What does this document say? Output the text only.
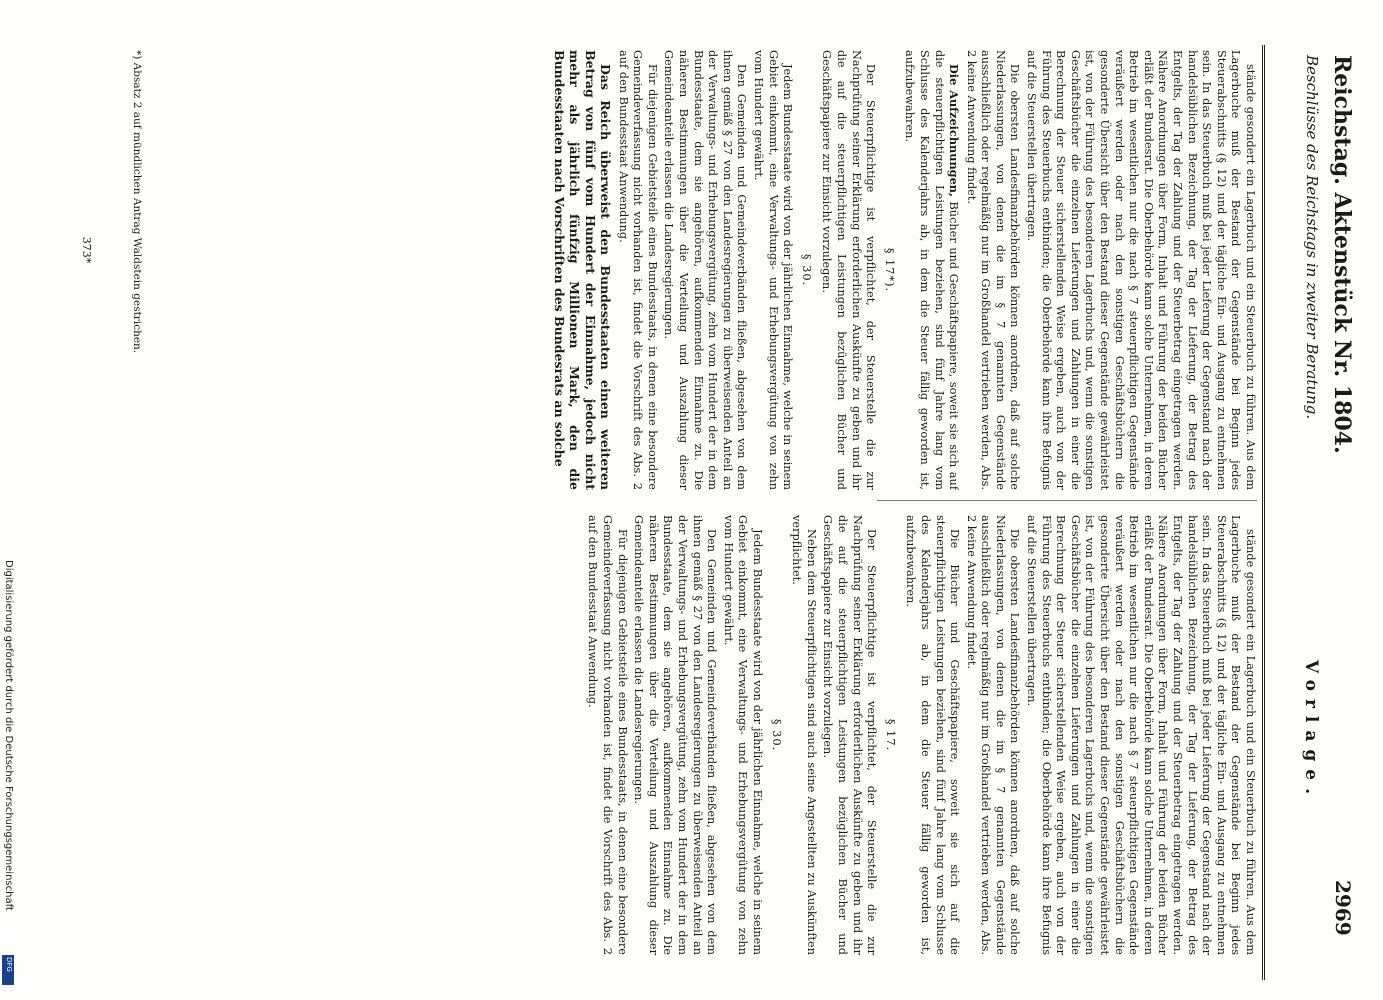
Digitalisierung gefördert durch die Deutsche Forschungsgemeinschaft
DFG
Reichstag. Aktenstück Nr. 1804.
2969
Beschlüsse des Reichstags in zweiter Beratung.
Vorlage.

stände gesondert ein Lagerbuch und ein Steuerbuch zu führen. Aus dem Lagerbuche muß der Bestand der Gegenstände bei Beginn jedes Steuerabschnitts (§ 12) und der tägliche Ein- und Ausgang zu entnehmen sein. In das Steuerbuch muß bei jeder Lieferung der Gegenstand nach der handelsüblichen Bezeichnung, der Tag der Lieferung, der Betrag des Entgelts, der Tag der Zahlung und der Steuerbetrag eingetragen werden. Nähere Anordnungen über Form, Inhalt und Führung der beiden Bücher erläßt der Bundesrat. Die Oberbehörde kann solche Unternehmen, in deren Betrieb im wesentlichen nur die nach § 7 steuerpflichtigen Gegenstände veräußert werden oder nach den sonstigen Geschäftsbüchern die gesonderte Übersicht über den Bestand dieser Gegenstände gewährleistet ist, von der Führung des besonderen Lagerbuchs und, wenn die sonstigen Geschäftsbücher die einzelnen Lieferungen und Zahlungen in einer die Berechnung der Steuer sicherstellenden Weise ergeben, auch von der Führung des Steuerbuchs entbinden; die Oberbehörde kann ihre Befugnis auf die Steuerstellen übertragen.

Die obersten Landesfinanzbehörden können anordnen, daß auf solche Niederlassungen, von denen die im § 7 genannten Gegenstände ausschließlich oder regelmäßig nur im Großhandel vertrieben werden, Abs. 2 keine Anwendung findet.

Die Aufzeichnungen, Bücher und Geschäftspapiere, soweit sie sich auf die steuerpflichtigen Leistungen beziehen, sind fünf Jahre lang vom Schlusse des Kalenderjahrs ab, in dem die Steuer fällig geworden ist, aufzubewahren.

§ 17*).

Der Steuerpflichtige ist verpflichtet, der Steuerstelle die zur Nachprüfung seiner Erklärung erforderlichen Auskünfte zu geben und ihr die auf die steuerpflichtigen Leistungen bezüglichen Bücher und Geschäftspapiere zur Einsicht vorzulegen.

§ 30.

Jedem Bundesstaate wird von der jährlichen Einnahme, welche in seinem Gebiet einkommt, eine Verwaltungs- und Erhebungsvergütung von zehn vom Hundert gewährt.

Den Gemeinden und Gemeindeverbänden fließen, abgesehen von dem ihnen gemäß § 27 von den Landesregierungen zu überweisenden Anteil an der Verwaltungs- und Erhebungsvergütung, zehn vom Hundert der in dem Bundesstaate, dem sie angehören, aufkommenden Einnahme zu. Die näheren Bestimmungen über die Verteilung und Auszahlung dieser Gemeindeanteile erlassen die Landesregierungen.

Für diejenigen Gebietsteile eines Bundesstaats, in denen eine besondere Gemeindeverfassung nicht vorhanden ist, findet die Vorschrift des Abs. 2 auf den Bundesstaat Anwendung.

Das Reich überweist den Bundesstaaten einen weiteren Betrag von fünf vom Hundert der Einnahme, jedoch nicht mehr als jährlich fünfzig Millionen Mark, den die Bundesstaaten nach Vorschriften des Bundesrats an solche

stände gesondert ein Lagerbuch und ein Steuerbuch zu führen. Aus dem Lagerbuche muß der Bestand der Gegenstände bei Beginn jedes Steuerabschnitts (§ 12) und der tägliche Ein- und Ausgang zu entnehmen sein. In das Steuerbuch muß bei jeder Lieferung der Gegenstand nach der handelsüblichen Bezeichnung, der Tag der Lieferung, der Betrag des Entgelts, der Tag der Zahlung und der Steuerbetrag eingetragen werden. Nähere Anordnungen über Form, Inhalt und Führung der beiden Bücher erläßt der Bundesrat. Die Oberbehörde kann solche Unternehmen, in deren Betrieb im wesentlichen nur die nach § 7 steuerpflichtigen Gegenstände veräußert werden oder nach den sonstigen Geschäftsbüchern die gesonderte Übersicht über den Bestand dieser Gegenstände gewährleistet ist, von der Führung des besonderen Lagerbuchs und, wenn die sonstigen Geschäftsbücher die einzelnen Lieferungen und Zahlungen in einer die Berechnung der Steuer sicherstellenden Weise ergeben, auch von der Führung des Steuerbuchs entbinden; die Oberbehörde kann ihre Befugnis auf die Steuerstellen übertragen.

Die obersten Landesfinanzbehörden können anordnen, daß auf solche Niederlassungen, von denen die im § 7 genannten Gegenstände ausschließlich oder regelmäßig nur im Großhandel vertrieben werden, Abs. 2 keine Anwendung findet.

Die Bücher und Geschäftspapiere, soweit sie sich auf die steuerpflichtigen Leistungen beziehen, sind fünf Jahre lang vom Schlusse des Kalenderjahrs ab, in dem die Steuer fällig geworden ist, aufzubewahren.

§ 17.

Der Steuerpflichtige ist verpflichtet, der Steuerstelle die zur Nachprüfung seiner Erklärung erforderlichen Auskünfte zu geben und ihr die auf die steuerpflichtigen Leistungen bezüglichen Bücher und Geschäftspapiere zur Einsicht vorzulegen.

Neben dem Steuerpflichtigen sind auch seine Angestellten zu Auskünften verpflichtet.

§ 30.

Jedem Bundesstaate wird von der jährlichen Einnahme, welche in seinem Gebiet einkommt, eine Verwaltungs- und Erhebungsvergütung von zehn vom Hundert gewährt.

Den Gemeinden und Gemeindeverbänden fließen, abgesehen von dem ihnen gemäß § 27 von den Landesregierungen zu überweisenden Anteil an der Verwaltungs- und Erhebungsvergütung, zehn vom Hundert der in dem Bundesstaate, dem sie angehören, aufkommenden Einnahme zu. Die näheren Bestimmungen über die Verteilung und Auszahlung dieser Gemeindeanteile erlassen die Landesregierungen.

Für diejenigen Gebietsteile eines Bundesstaats, in denen eine besondere Gemeindeverfassung nicht vorhanden ist, findet die Vorschrift des Abs. 2 auf den Bundesstaat Anwendung.

*) Absatz 2 auf mündlichen Antrag Waldstein gestrichen.
373*
